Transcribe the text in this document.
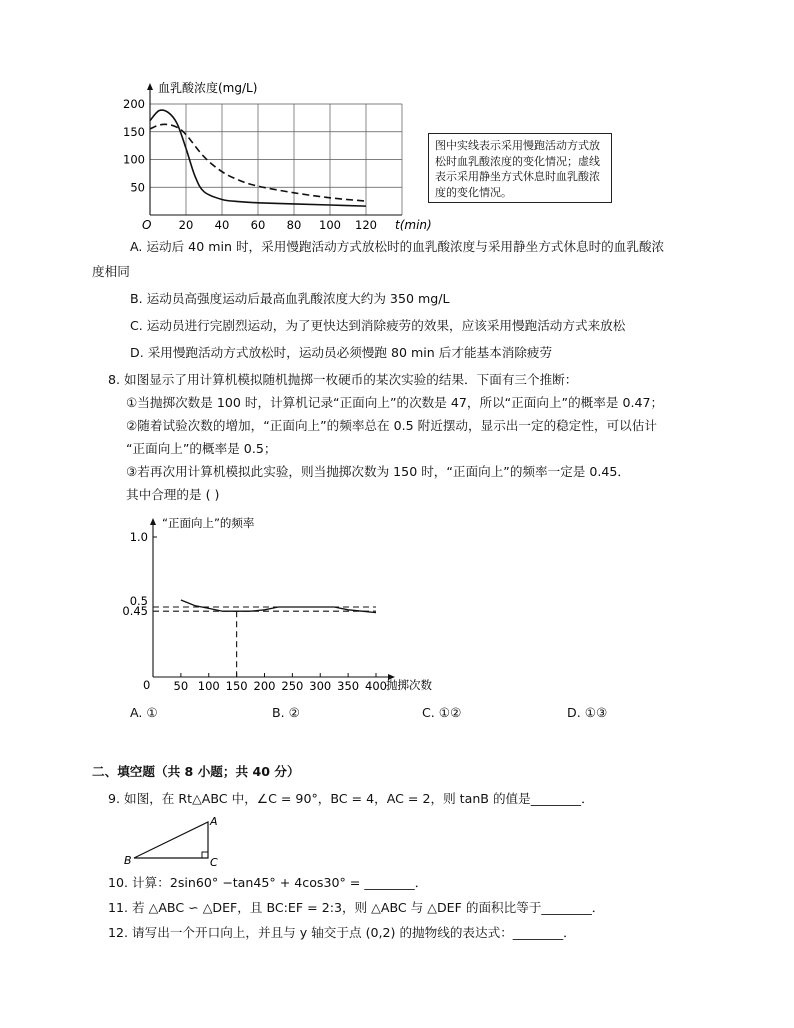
20 40 60 80 100 120
50
100
150
200
血乳酸浓度(mg/L)
t(min)
O
图中实线表示采用慢跑活动方式放松时血乳酸浓度的变化情况；虚线表示采用静坐方式休息时血乳酸浓度的变化情况。
A. 运动后 40 min 时，采用慢跑活动方式放松时的血乳酸浓度与采用静坐方式休息时的血乳酸浓
度相同
B. 运动员高强度运动后最高血乳酸浓度大约为 350 mg/L
C. 运动员进行完剧烈运动，为了更快达到消除疲劳的效果，应该采用慢跑活动方式来放松
D. 采用慢跑活动方式放松时，运动员必须慢跑 80 min 后才能基本消除疲劳
8. 如图显示了用计算机模拟随机抛掷一枚硬币的某次实验的结果．下面有三个推断：
①当抛掷次数是 100 时，计算机记录“正面向上”的次数是 47，所以“正面向上”的概率是 0.47；
②随着试验次数的增加，“正面向上”的频率总在 0.5 附近摆动，显示出一定的稳定性，可以估计
“正面向上”的概率是 0.5；
③若再次用计算机模拟此实验，则当抛掷次数为 150 时，“正面向上”的频率一定是 0.45．
其中合理的是 ( )
50 100 150 200 250 300 350 400
1.0
0.5
0.45
“正面向上”的频率
抛掷次数
0
A. ①	B. ②	C. ①②	D. ①③
二、填空题（共 8 小题；共 40 分）
9. 如图，在 Rt△ABC 中，∠C = 90°，BC = 4，AC = 2，则 tanB 的值是________．
A
B	C
10. 计算：2sin60° −tan45° + 4cos30° = ________．
11. 若 △ABC ∽ △DEF，且 BC:EF = 2:3，则 △ABC 与 △DEF 的面积比等于________．
12. 请写出一个开口向上，并且与 y 轴交于点 (0,2) 的抛物线的表达式：________．
